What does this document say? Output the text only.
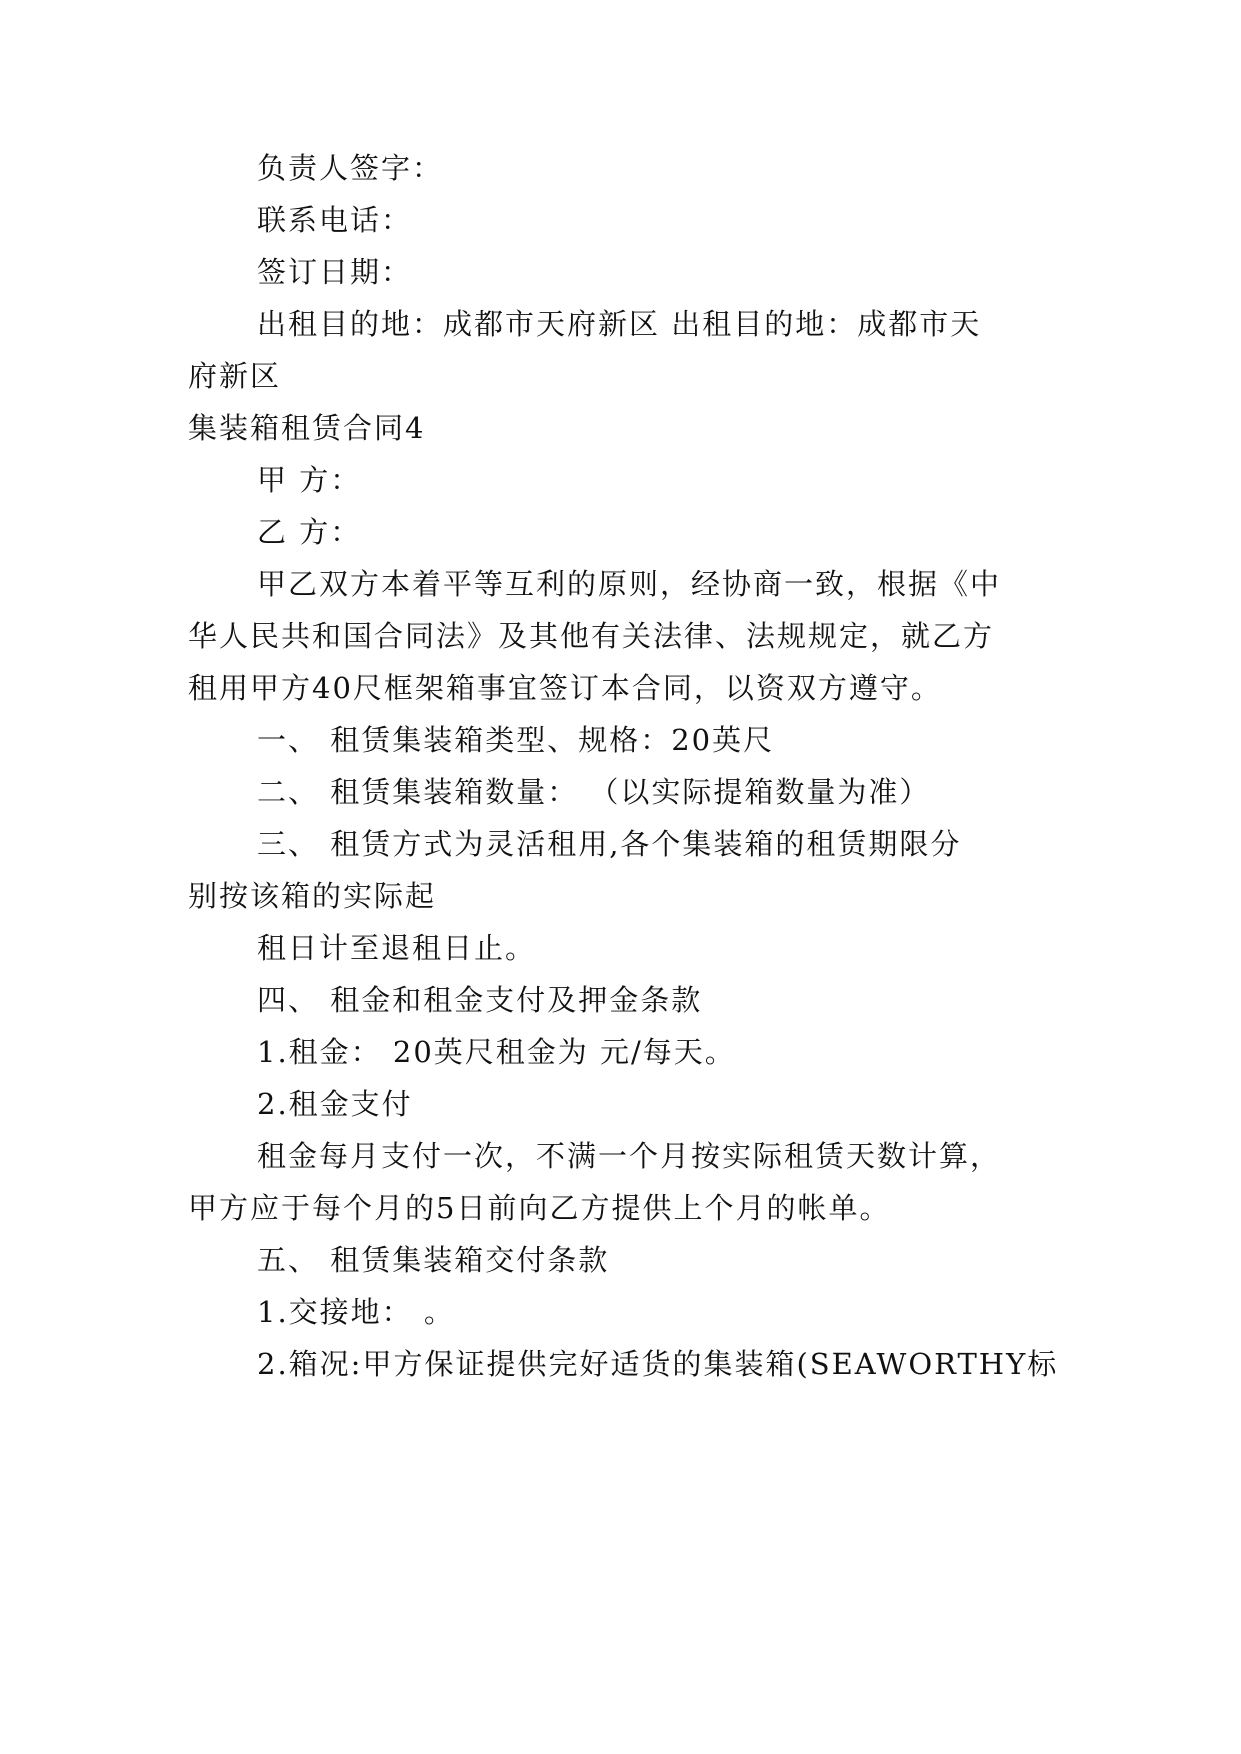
负责人签字：
联系电话：
签订日期：
出租目的地：成都市天府新区 出租目的地：成都市天
府新区
集装箱租赁合同4
甲 方：
乙 方：
甲乙双方本着平等互利的原则，经协商一致，根据《中
华人民共和国合同法》及其他有关法律、法规规定，就乙方
租用甲方40尺框架箱事宜签订本合同，以资双方遵守。
一、 租赁集装箱类型、规格：20英尺
二、 租赁集装箱数量： （以实际提箱数量为准）
三、 租赁方式为灵活租用,各个集装箱的租赁期限分
别按该箱的实际起
租日计至退租日止。
四、 租金和租金支付及押金条款
1.租金： 20英尺租金为 元/每天。
2.租金支付
租金每月支付一次，不满一个月按实际租赁天数计算，
甲方应于每个月的5日前向乙方提供上个月的帐单。
五、 租赁集装箱交付条款
1.交接地： 。
2.箱况:甲方保证提供完好适货的集装箱(SEAWORTHY标
